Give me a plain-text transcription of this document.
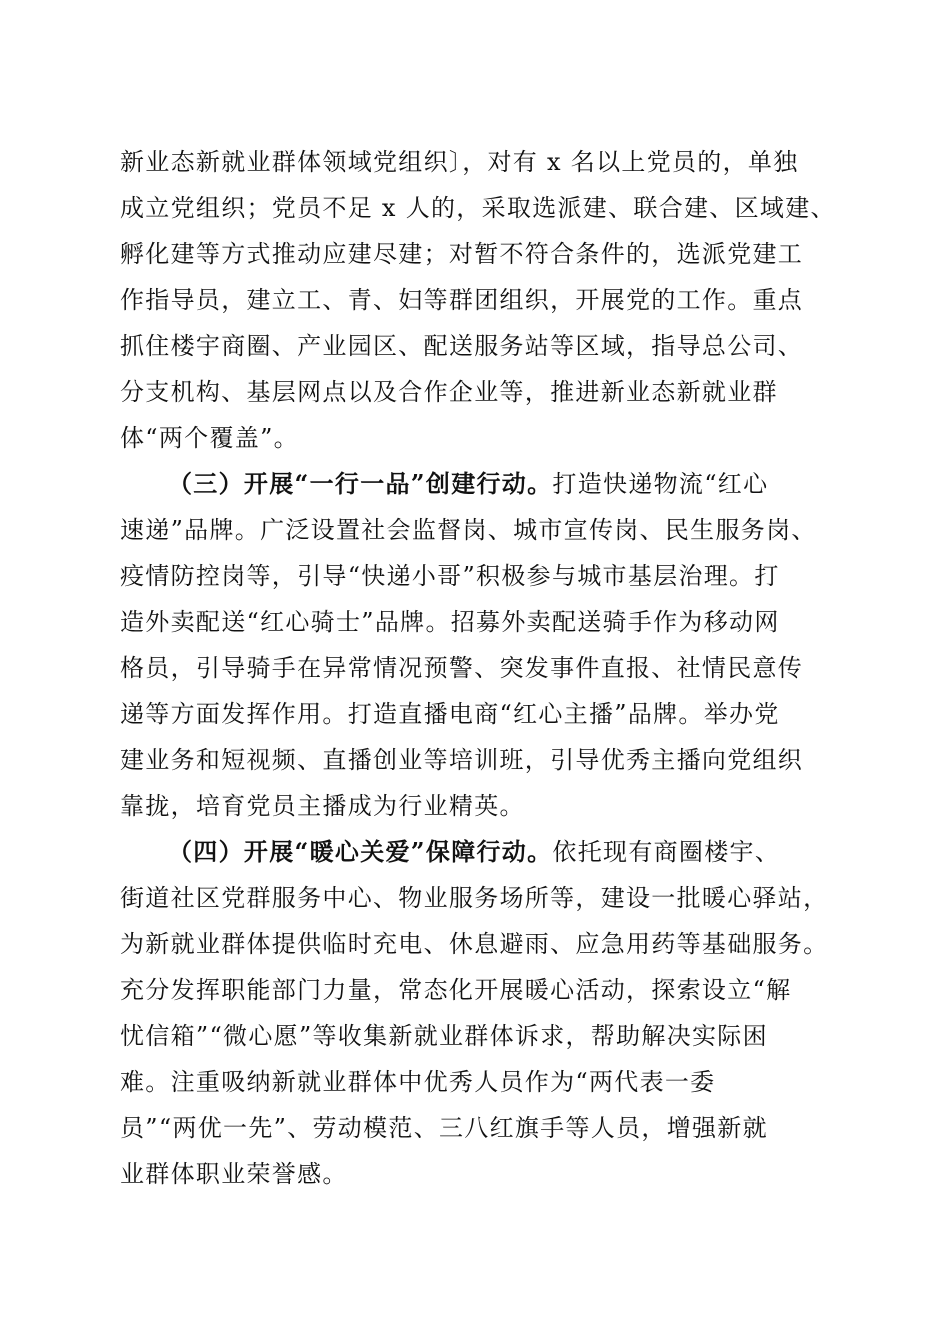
新业态新就业群体领域党组织〕，对有 x 名以上党员的，单独
成立党组织；党员不足 x 人的，采取选派建、联合建、区域建、
孵化建等方式推动应建尽建；对暂不符合条件的，选派党建工
作指导员，建立工、青、妇等群团组织，开展党的工作。重点
抓住楼宇商圈、产业园区、配送服务站等区域，指导总公司、
分支机构、基层网点以及合作企业等，推进新业态新就业群
体“两个覆盖”。
（三）开展“一行一品”创建行动。打造快递物流“红心
速递”品牌。广泛设置社会监督岗、城市宣传岗、民生服务岗、
疫情防控岗等，引导“快递小哥”积极参与城市基层治理。打
造外卖配送“红心骑士”品牌。招募外卖配送骑手作为移动网
格员，引导骑手在异常情况预警、突发事件直报、社情民意传
递等方面发挥作用。打造直播电商“红心主播”品牌。举办党
建业务和短视频、直播创业等培训班，引导优秀主播向党组织
靠拢，培育党员主播成为行业精英。
（四）开展“暖心关爱”保障行动。依托现有商圈楼宇、
街道社区党群服务中心、物业服务场所等，建设一批暖心驿站，
为新就业群体提供临时充电、休息避雨、应急用药等基础服务。
充分发挥职能部门力量，常态化开展暖心活动，探索设立“解
忧信箱”“微心愿”等收集新就业群体诉求，帮助解决实际困
难。注重吸纳新就业群体中优秀人员作为“两代表一委
员”“两优一先”、劳动模范、三八红旗手等人员，增强新就
业群体职业荣誉感。
